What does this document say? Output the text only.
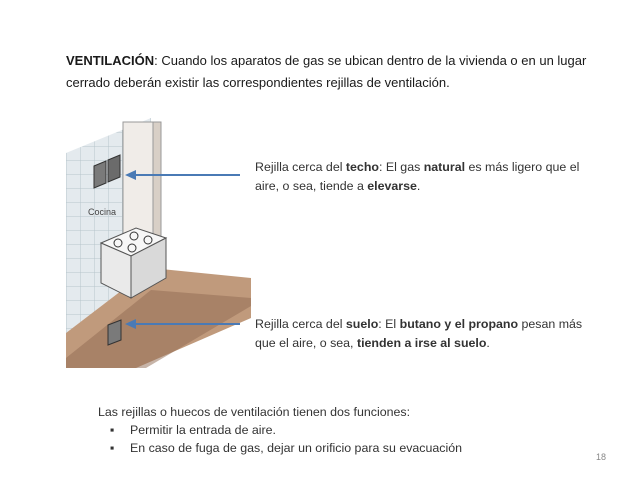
VENTILACIÓN: Cuando los aparatos de gas se ubican dentro de la vivienda o en un lugar cerrado deberán existir las correspondientes rejillas de ventilación.
Cocina
Rejilla cerca del techo: El gas natural es más ligero que el aire, o sea, tiende a elevarse.
Rejilla cerca del suelo: El butano y el propano pesan más que el aire, o sea, tienden a irse al suelo.
Las rejillas o huecos de ventilación tienen dos funciones:
▪ Permitir la entrada de aire.
▪ En caso de fuga de gas, dejar un orificio para su evacuación
18
